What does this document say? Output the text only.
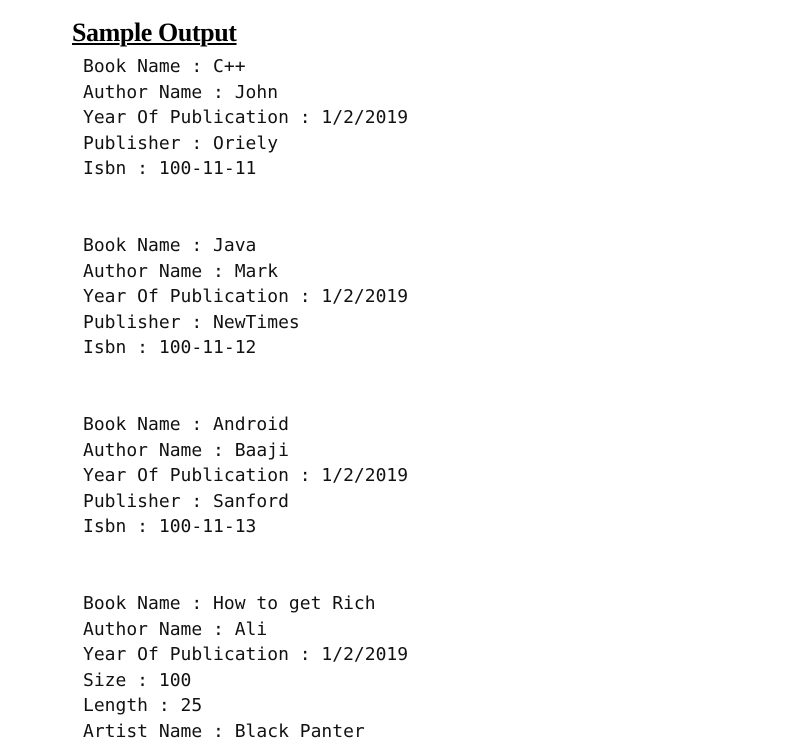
Sample Output
Book Name : C++
Author Name : John
Year Of Publication : 1/2/2019
Publisher : Oriely
Isbn : 100-11-11
Book Name : Java
Author Name : Mark
Year Of Publication : 1/2/2019
Publisher : NewTimes
Isbn : 100-11-12
Book Name : Android
Author Name : Baaji
Year Of Publication : 1/2/2019
Publisher : Sanford
Isbn : 100-11-13
Book Name : How to get Rich
Author Name : Ali
Year Of Publication : 1/2/2019
Size : 100
Length : 25
Artist Name : Black Panter
